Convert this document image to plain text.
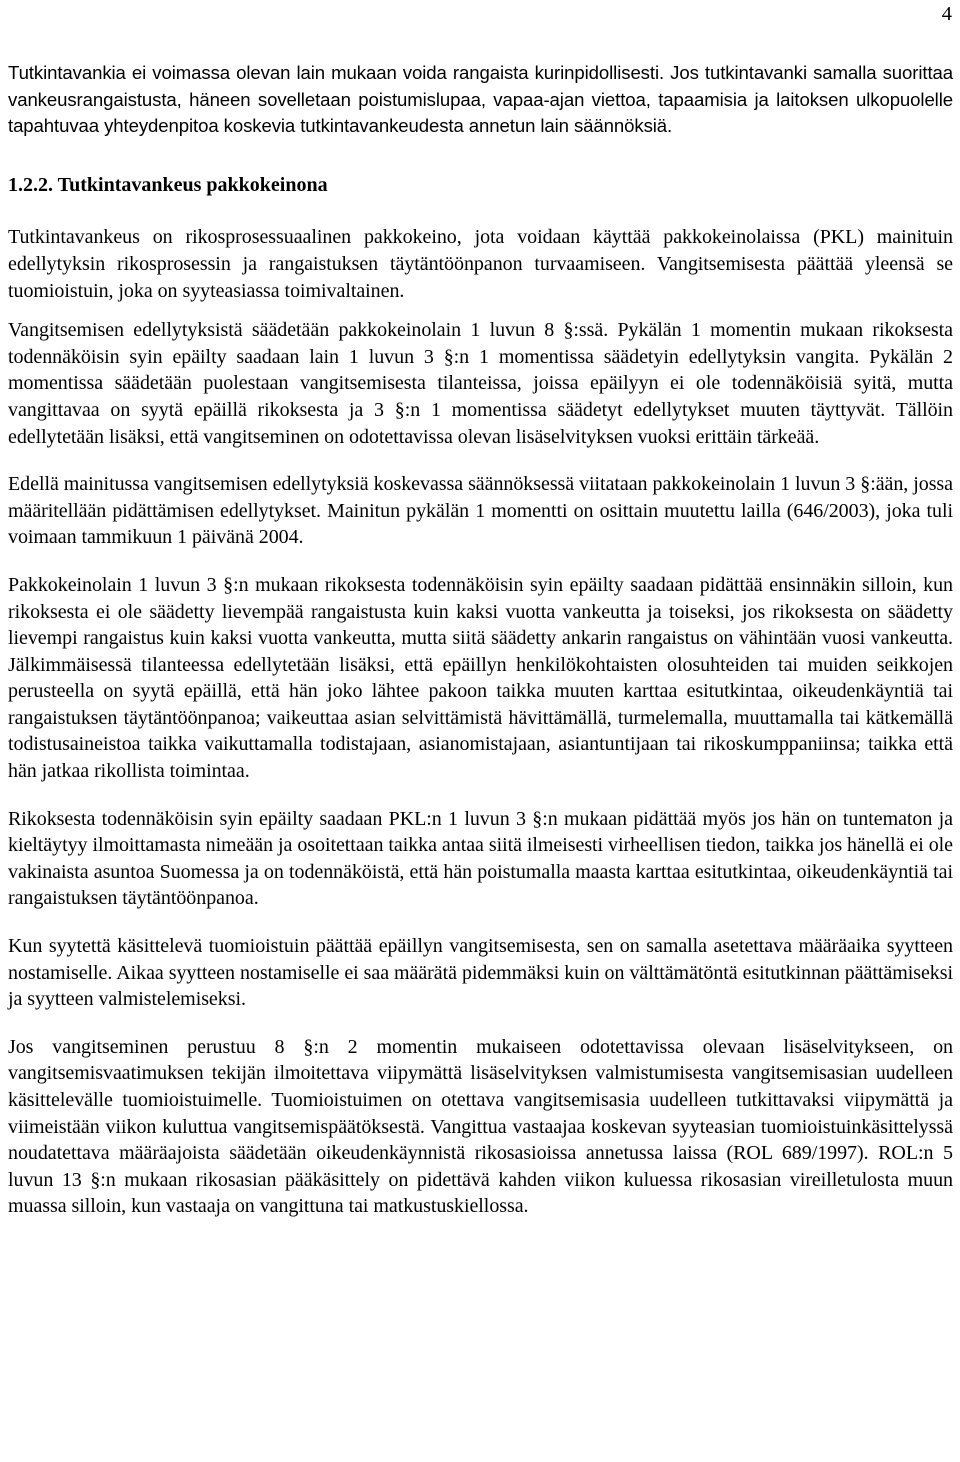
4

Tutkintavankia ei voimassa olevan lain mukaan voida rangaista kurinpidollisesti. Jos tutkintavanki samalla suorittaa vankeusrangaistusta, häneen sovelletaan poistumislupaa, vapaa-ajan viettoa, tapaamisia ja laitoksen ulkopuolelle tapahtuvaa yhteydenpitoa koskevia tutkintavankeudesta annetun lain säännöksiä.

1.2.2. Tutkintavankeus pakkokeinona

Tutkintavankeus on rikosprosessuaalinen pakkokeino, jota voidaan käyttää pakkokeinolaissa (PKL) mainituin edellytyksin rikosprosessin ja rangaistuksen täytäntöönpanon turvaamiseen. Vangitsemisesta päättää yleensä se tuomioistuin, joka on syyteasiassa toimivaltainen.

Vangitsemisen edellytyksistä säädetään pakkokeinolain 1 luvun 8 §:ssä. Pykälän 1 momentin mukaan rikoksesta todennäköisin syin epäilty saadaan lain 1 luvun 3 §:n 1 momentissa säädetyin edellytyksin vangita. Pykälän 2 momentissa säädetään puolestaan vangitsemisesta tilanteissa, joissa epäilyyn ei ole todennäköisiä syitä, mutta vangittavaa on syytä epäillä rikoksesta ja 3 §:n 1 momentissa säädetyt edellytykset muuten täyttyvät. Tällöin edellytetään lisäksi, että vangitseminen on odotettavissa olevan lisäselvityksen vuoksi erittäin tärkeää.

Edellä mainitussa vangitsemisen edellytyksiä koskevassa säännöksessä viitataan pakkokeinolain 1 luvun 3 §:ään, jossa määritellään pidättämisen edellytykset. Mainitun pykälän 1 momentti on osittain muutettu lailla (646/2003), joka tuli voimaan tammikuun 1 päivänä 2004.

Pakkokeinolain 1 luvun 3 §:n mukaan rikoksesta todennäköisin syin epäilty saadaan pidättää ensinnäkin silloin, kun rikoksesta ei ole säädetty lievempää rangaistusta kuin kaksi vuotta vankeutta ja toiseksi, jos rikoksesta on säädetty lievempi rangaistus kuin kaksi vuotta vankeutta, mutta siitä säädetty ankarin rangaistus on vähintään vuosi vankeutta. Jälkimmäisessä tilanteessa edellytetään lisäksi, että epäillyn henkilökohtaisten olosuhteiden tai muiden seikkojen perusteella on syytä epäillä, että hän joko lähtee pakoon taikka muuten karttaa esitutkintaa, oikeudenkäyntiä tai rangaistuksen täytäntöönpanoa; vaikeuttaa asian selvittämistä hävittämällä, turmelemalla, muuttamalla tai kätkemällä todistusaineistoa taikka vaikuttamalla todistajaan, asianomistajaan, asiantuntijaan tai rikoskumppaniinsa; taikka että hän jatkaa rikollista toimintaa.

Rikoksesta todennäköisin syin epäilty saadaan PKL:n 1 luvun 3 §:n mukaan pidättää myös jos hän on tuntematon ja kieltäytyy ilmoittamasta nimeään ja osoitettaan taikka antaa siitä ilmeisesti virheellisen tiedon, taikka jos hänellä ei ole vakinaista asuntoa Suomessa ja on todennäköistä, että hän poistumalla maasta karttaa esitutkintaa, oikeudenkäyntiä tai rangaistuksen täytäntöönpanoa.

Kun syytettä käsittelevä tuomioistuin päättää epäillyn vangitsemisesta, sen on samalla asetettava määräaika syytteen nostamiselle. Aikaa syytteen nostamiselle ei saa määrätä pidemmäksi kuin on välttämätöntä esitutkinnan päättämiseksi ja syytteen valmistelemiseksi.

Jos vangitseminen perustuu 8 §:n 2 momentin mukaiseen odotettavissa olevaan lisäselvitykseen, on vangitsemisvaatimuksen tekijän ilmoitettava viipymättä lisäselvityksen valmistumisesta vangitsemisasian uudelleen käsittelevälle tuomioistuimelle. Tuomioistuimen on otettava vangitsemisasia uudelleen tutkittavaksi viipymättä ja viimeistään viikon kuluttua vangitsemispäätöksestä. Vangittua vastaajaa koskevan syyteasian tuomioistuinkäsittelyssä noudatettava määräajoista säädetään oikeudenkäynnistä rikosasioissa annetussa laissa (ROL 689/1997). ROL:n 5 luvun 13 §:n mukaan rikosasian pääkäsittely on pidettävä kahden viikon kuluessa rikosasian vireilletulosta muun muassa silloin, kun vastaaja on vangittuna tai matkustuskiellossa.
